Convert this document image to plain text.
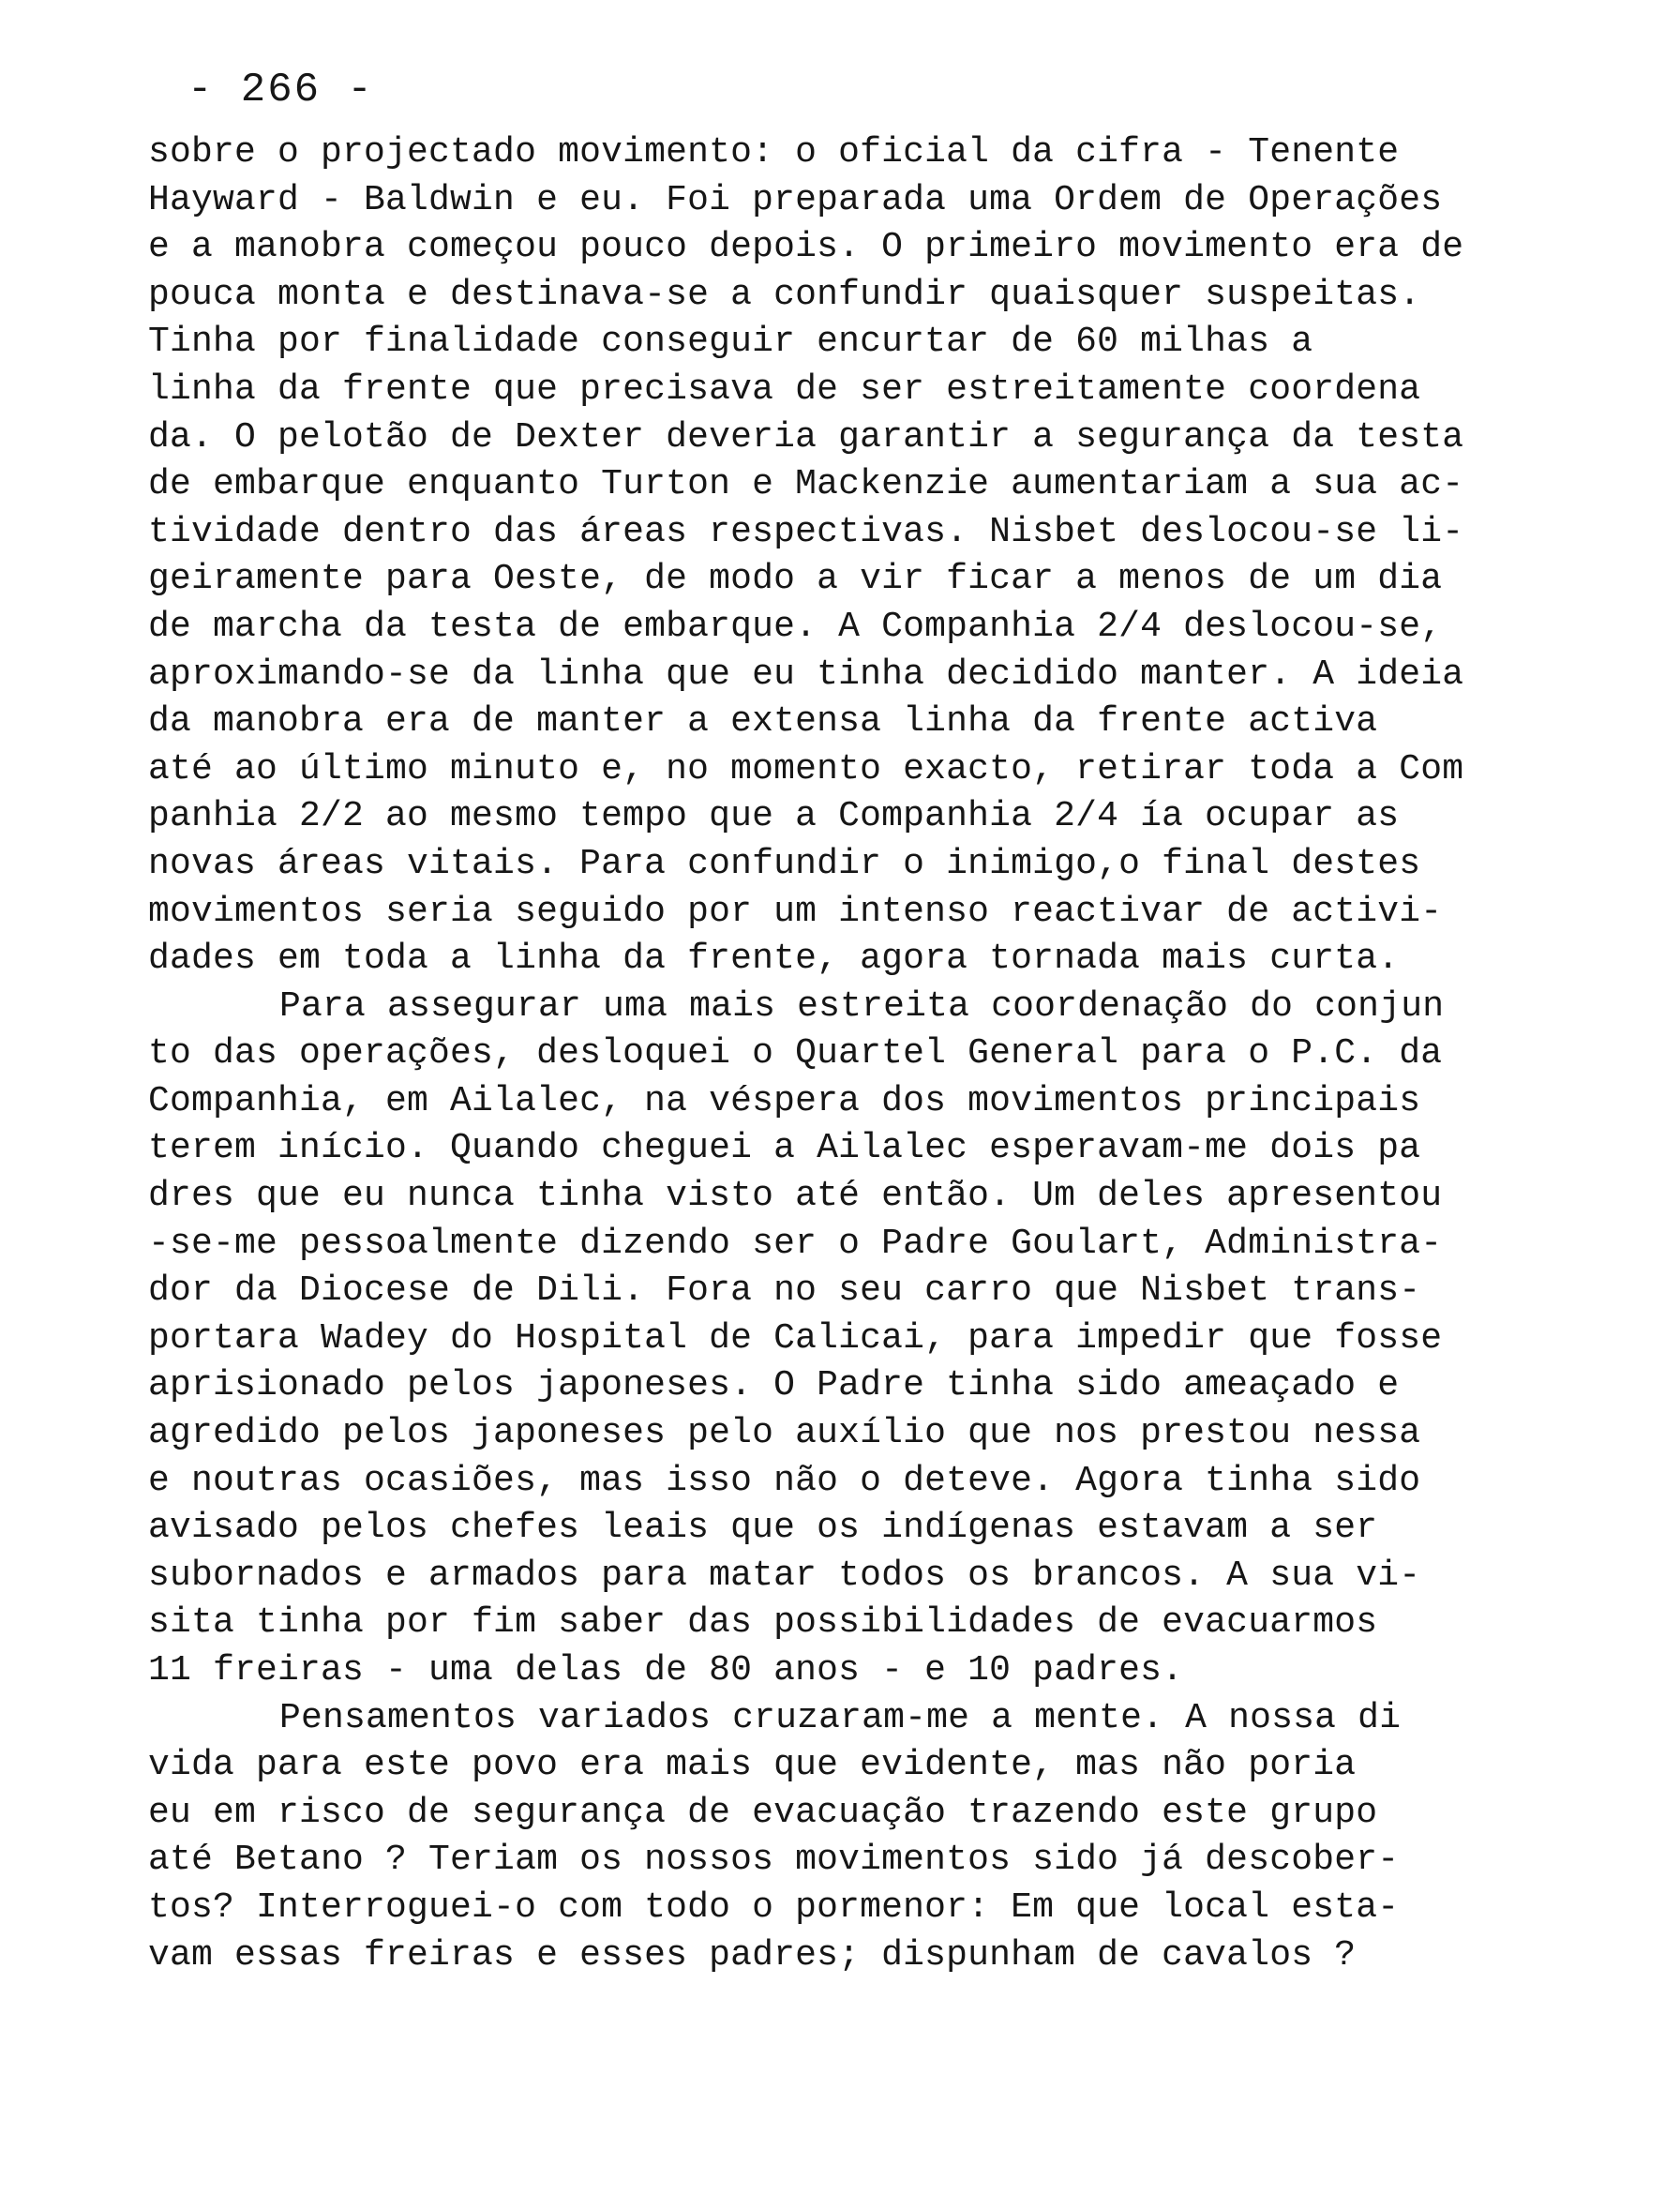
- 266 -
sobre o projectado movimento: o oficial da cifra - Tenente
Hayward - Baldwin e eu. Foi preparada uma Ordem de Operações
e a manobra começou pouco depois. O primeiro movimento era de
pouca monta e destinava-se a confundir quaisquer suspeitas.
Tinha por finalidade conseguir encurtar de 60 milhas a
linha da frente que precisava de ser estreitamente coordena
da. O pelotão de Dexter deveria garantir a segurança da testa
de embarque enquanto Turton e Mackenzie aumentariam a sua ac-
tividade dentro das áreas respectivas. Nisbet deslocou-se li-
geiramente para Oeste, de modo a vir ficar a menos de um dia
de marcha da testa de embarque. A Companhia 2/4 deslocou-se,
aproximando-se da linha que eu tinha decidido manter. A ideia
da manobra era de manter a extensa linha da frente activa
até ao último minuto e, no momento exacto, retirar toda a Com
panhia 2/2 ao mesmo tempo que a Companhia 2/4 ía ocupar as
novas áreas vitais. Para confundir o inimigo,o final destes
movimentos seria seguido por um intenso reactivar de activi-
dades em toda a linha da frente, agora tornada mais curta.
Para assegurar uma mais estreita coordenação do conjun
to das operações, desloquei o Quartel General para o P.C. da
Companhia, em Ailalec, na véspera dos movimentos principais
terem início. Quando cheguei a Ailalec esperavam-me dois pa
dres que eu nunca tinha visto até então. Um deles apresentou
-se-me pessoalmente dizendo ser o Padre Goulart, Administra-
dor da Diocese de Dili. Fora no seu carro que Nisbet trans-
portara Wadey do Hospital de Calicai, para impedir que fosse
aprisionado pelos japoneses. O Padre tinha sido ameaçado e
agredido pelos japoneses pelo auxílio que nos prestou nessa
e noutras ocasiões, mas isso não o deteve. Agora tinha sido
avisado pelos chefes leais que os indígenas estavam a ser
subornados e armados para matar todos os brancos. A sua vi-
sita tinha por fim saber das possibilidades de evacuarmos
11 freiras - uma delas de 80 anos - e 10 padres.
Pensamentos variados cruzaram-me a mente. A nossa di
vida para este povo era mais que evidente, mas não poria
eu em risco de segurança de evacuação trazendo este grupo
até Betano ? Teriam os nossos movimentos sido já descober-
tos? Interroguei-o com todo o pormenor: Em que local esta-
vam essas freiras e esses padres; dispunham de cavalos ?
